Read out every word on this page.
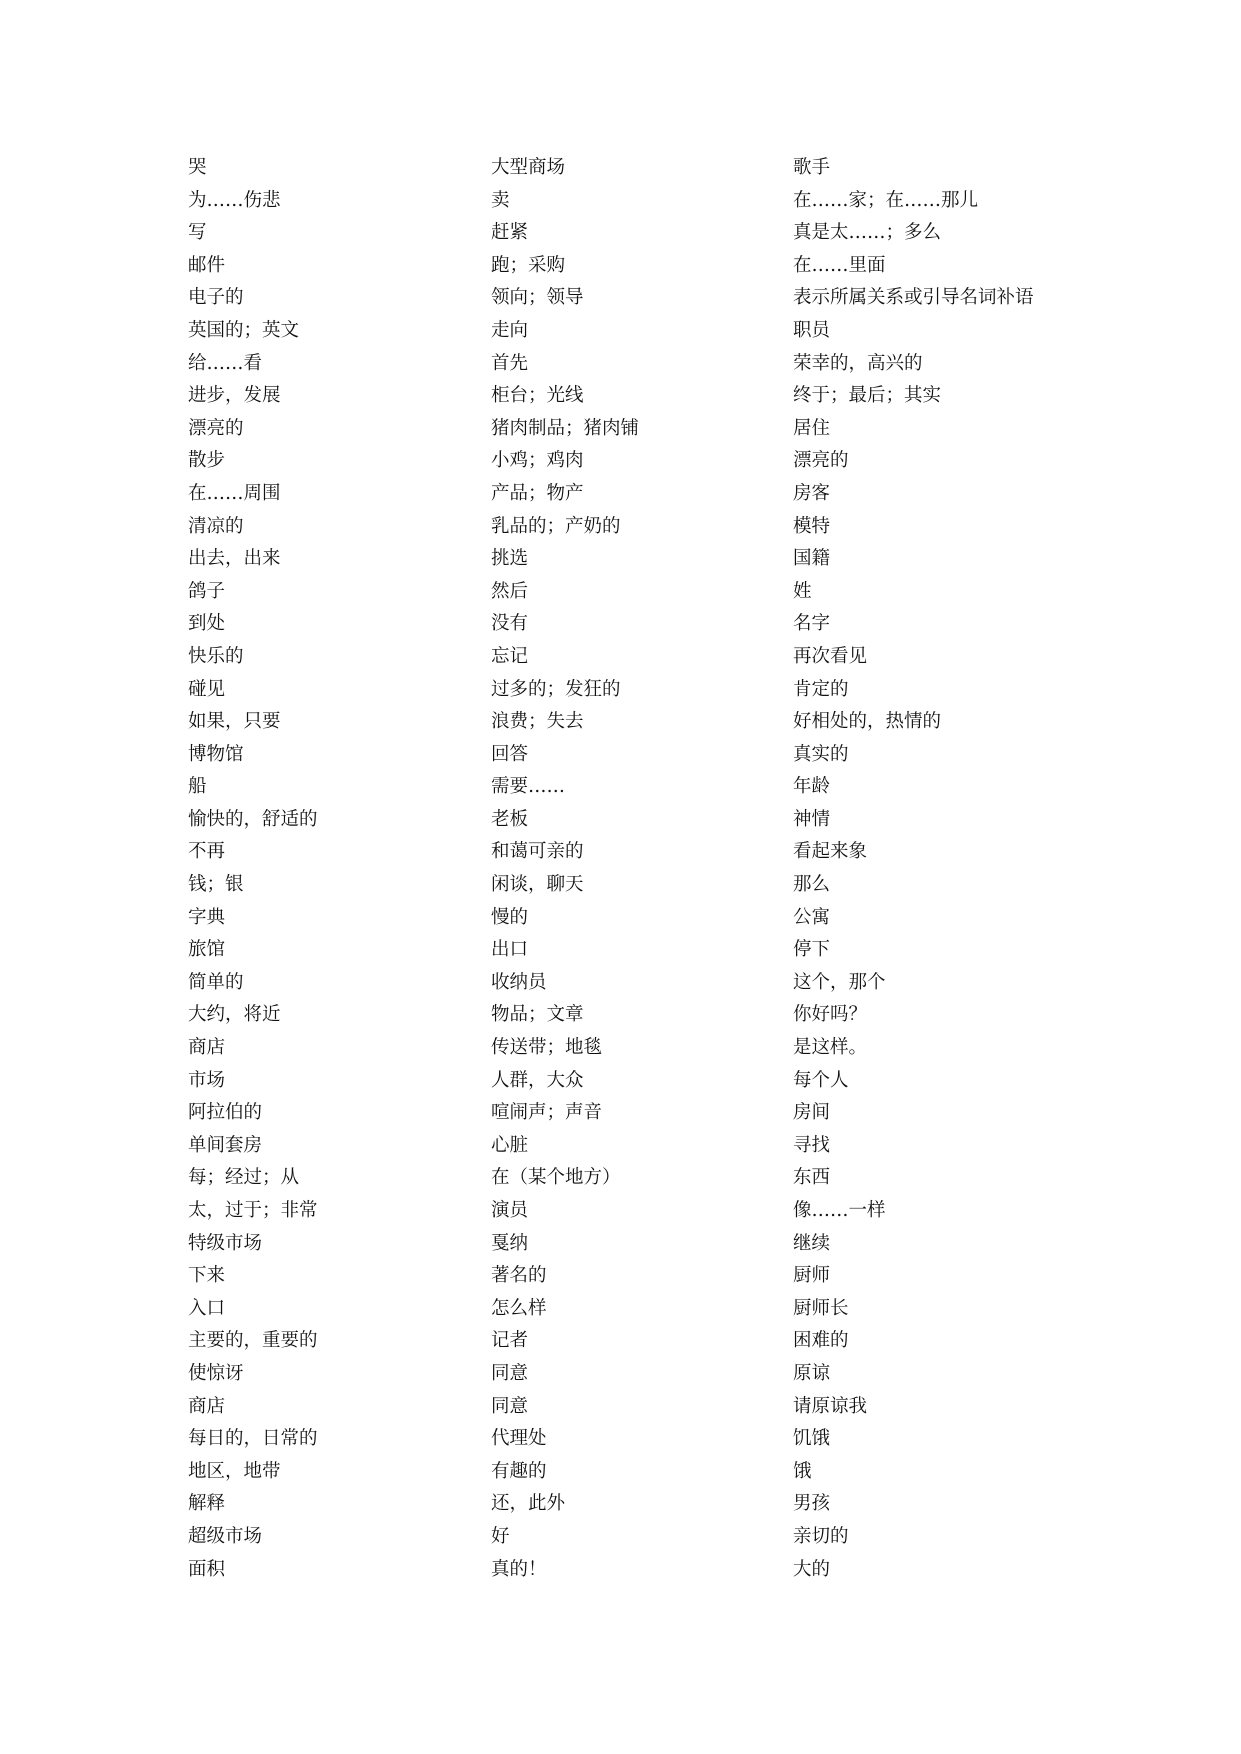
哭
为……伤悲
写
邮件
电子的
英国的；英文
给……看
进步，发展
漂亮的
散步
在……周围
清凉的
出去，出来
鸽子
到处
快乐的
碰见
如果，只要
博物馆
船
愉快的，舒适的
不再
钱；银
字典
旅馆
简单的
大约，将近
商店
市场
阿拉伯的
单间套房
每；经过；从
太，过于；非常
特级市场
下来
入口
主要的，重要的
使惊讶
商店
每日的，日常的
地区，地带
解释
超级市场
面积
大型商场
卖
赶紧
跑；采购
领向；领导
走向
首先
柜台；光线
猪肉制品；猪肉铺
小鸡；鸡肉
产品；物产
乳品的；产奶的
挑选
然后
没有
忘记
过多的；发狂的
浪费；失去
回答
需要……
老板
和蔼可亲的
闲谈，聊天
慢的
出口
收纳员
物品；文章
传送带；地毯
人群，大众
喧闹声；声音
心脏
在（某个地方）
演员
戛纳
著名的
怎么样
记者
同意
同意
代理处
有趣的
还，此外
好
真的！
歌手
在……家；在……那儿
真是太……；多么
在……里面
表示所属关系或引导名词补语
职员
荣幸的，高兴的
终于；最后；其实
居住
漂亮的
房客
模特
国籍
姓
名字
再次看见
肯定的
好相处的，热情的
真实的
年龄
神情
看起来象
那么
公寓
停下
这个，那个
你好吗？
是这样。
每个人
房间
寻找
东西
像……一样
继续
厨师
厨师长
困难的
原谅
请原谅我
饥饿
饿
男孩
亲切的
大的
